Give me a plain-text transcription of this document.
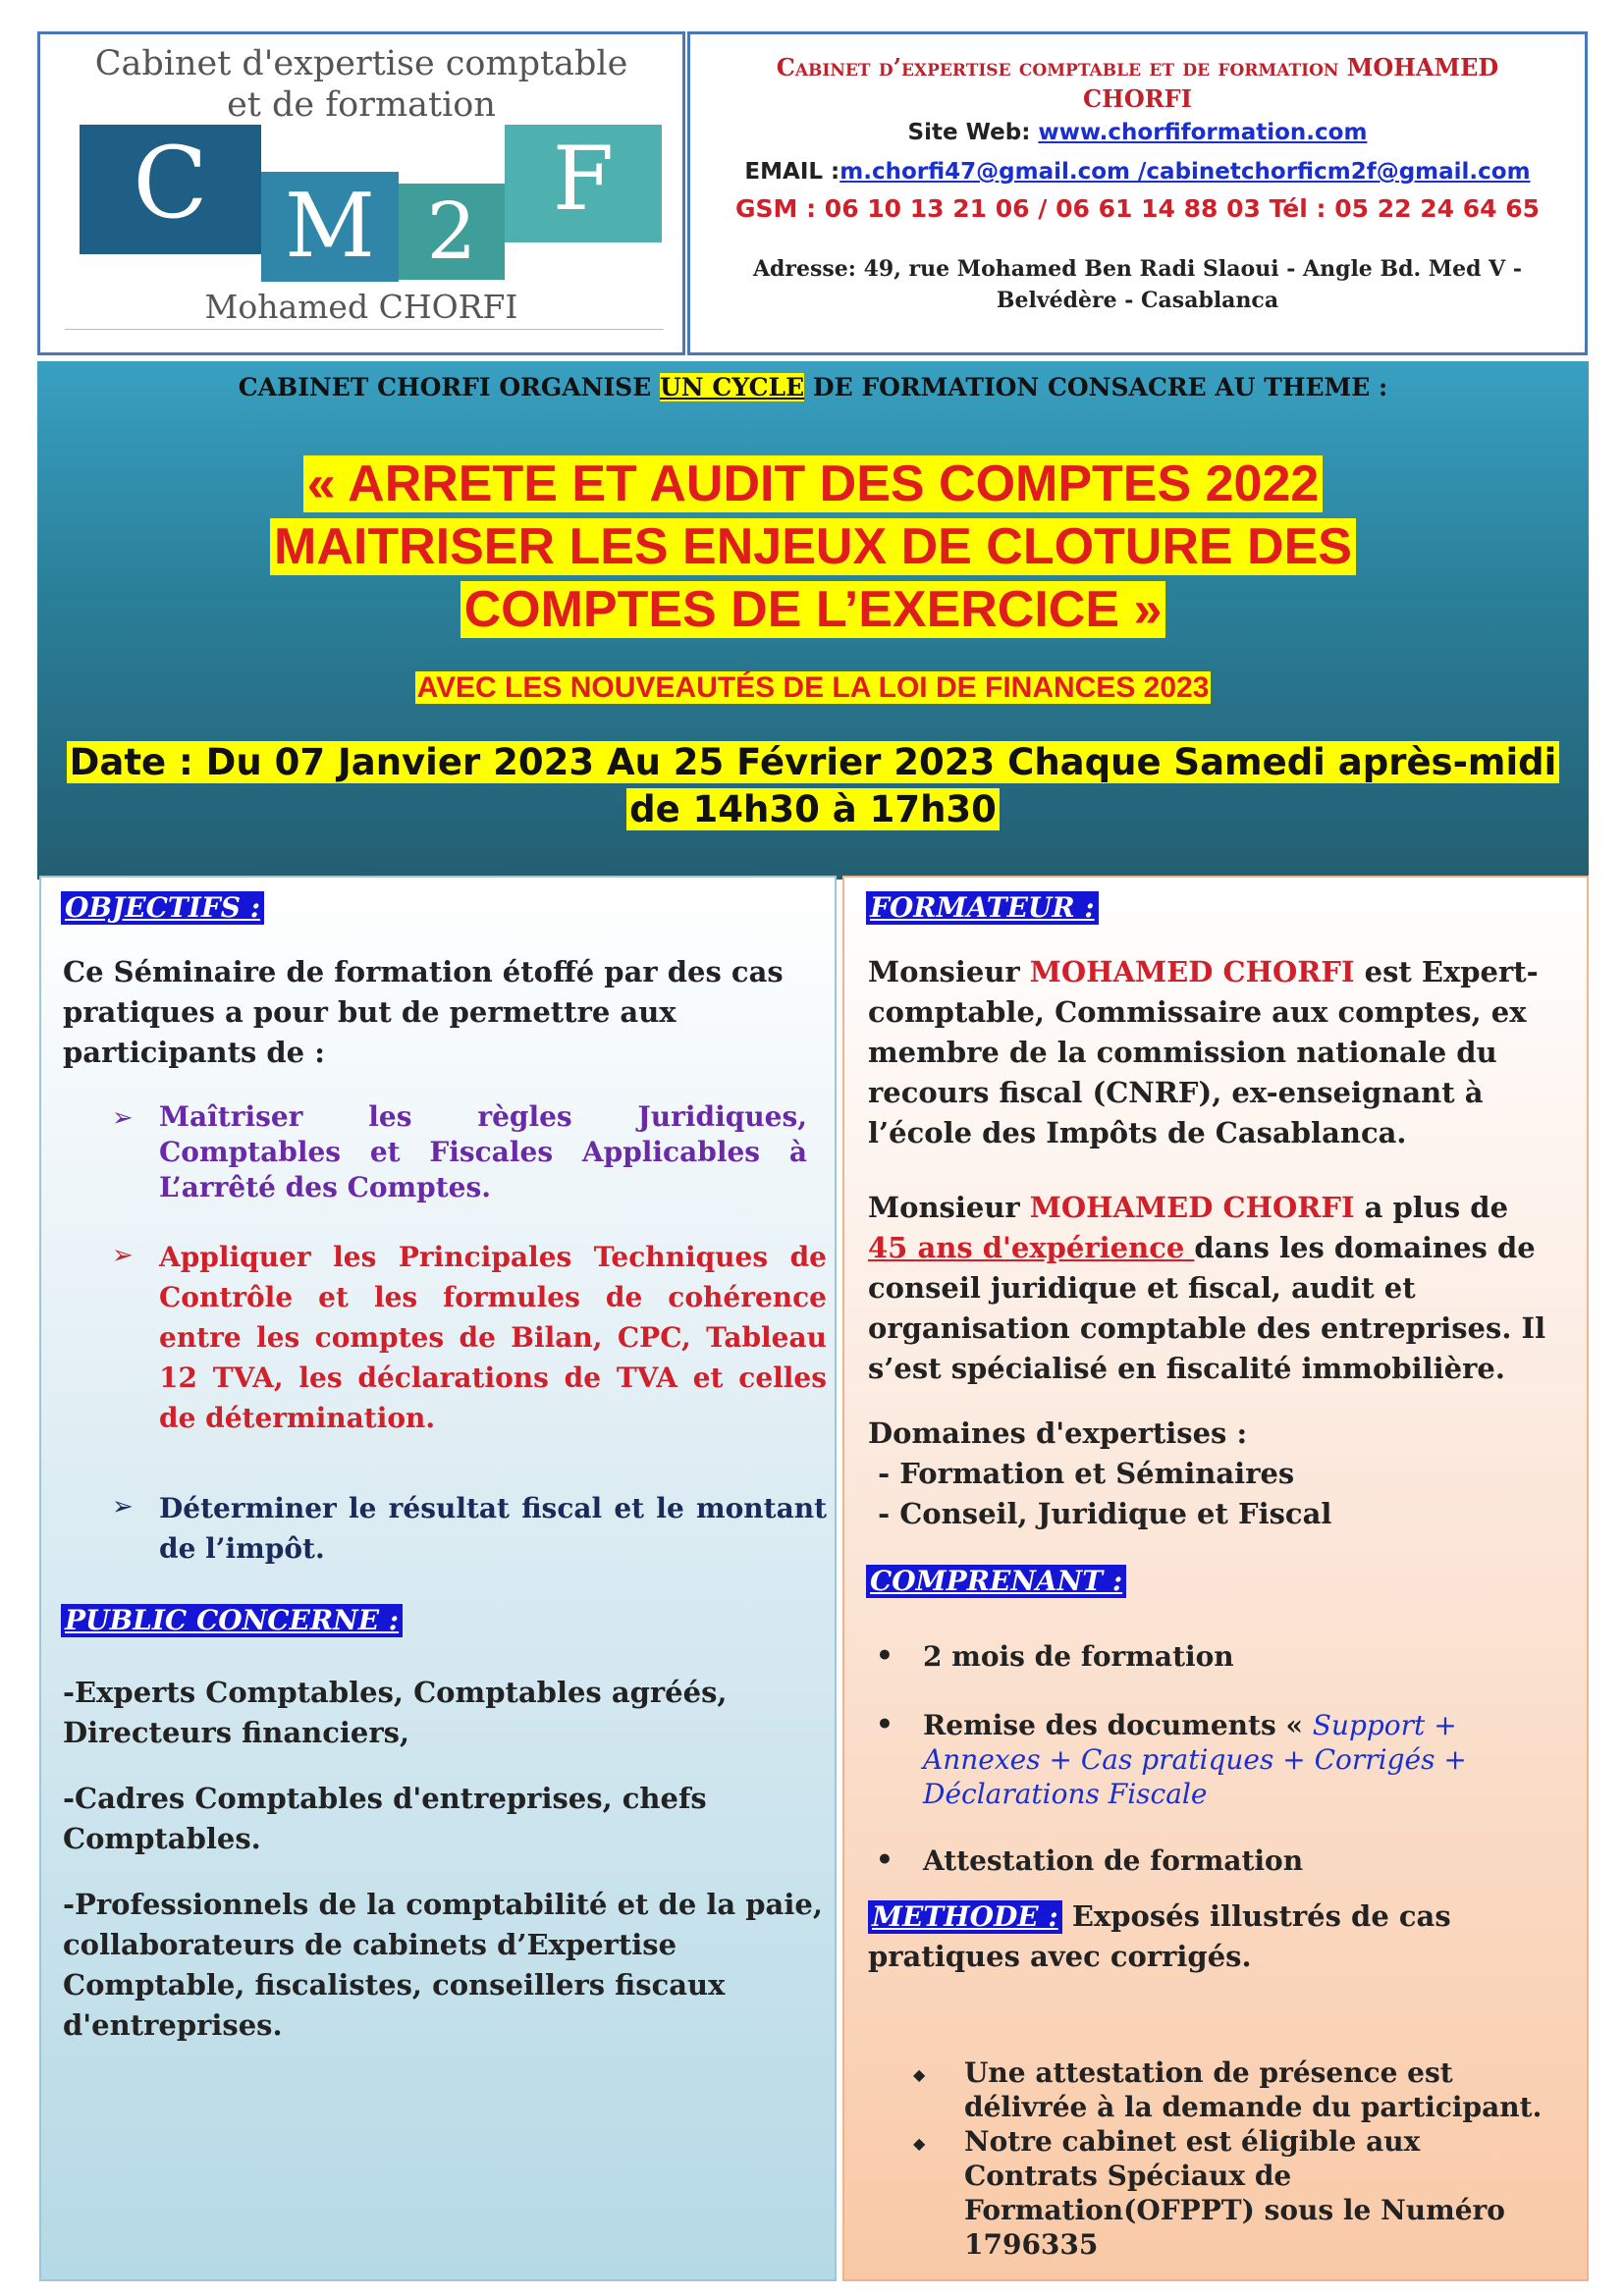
Cabinet d'expertise comptable
et de formation
C M 2
F
Mohamed CHORFI
Cabinet d’expertise comptable et de formation MOHAMED
CHORFI
Site Web: www.chorfiformation.com
EMAIL :m.chorfi47@gmail.com /cabinetchorficm2f@gmail.com
GSM : 06 10 13 21 06 / 06 61 14 88 03 Tél : 05 22 24 64 65
Adresse: 49, rue Mohamed Ben Radi Slaoui - Angle Bd. Med V -
Belvédère - Casablanca
CABINET CHORFI ORGANISE UN CYCLE DE FORMATION CONSACRE AU THEME :
« ARRETE ET AUDIT DES COMPTES 2022
MAITRISER LES ENJEUX DE CLOTURE DES
COMPTES DE L’EXERCICE »
AVEC LES NOUVEAUTÉS DE LA LOI DE FINANCES 2023
Date : Du 07 Janvier 2023 Au 25 Février 2023 Chaque Samedi après-midi
de 14h30 à 17h30
OBJECTIFS :
Ce Séminaire de formation étoffé par des cas
pratiques a pour but de permettre aux
participants de :
➢ Maîtriser les règles Juridiques, Comptables et Fiscales Applicables à L’arrêté des Comptes.
➢ Appliquer les Principales Techniques de Contrôle et les formules de cohérence entre les comptes de Bilan, CPC, Tableau 12 TVA, les déclarations de TVA et celles de détermination.
➢ Déterminer le résultat fiscal et le montant de l’impôt.
PUBLIC CONCERNE :
-Experts Comptables, Comptables agréés,
Directeurs financiers,
-Cadres Comptables d'entreprises, chefs
Comptables.
-Professionnels de la comptabilité et de la paie,
collaborateurs de cabinets d’Expertise
Comptable, fiscalistes, conseillers fiscaux
d'entreprises.
FORMATEUR :
Monsieur MOHAMED CHORFI est Expert-comptable, Commissaire aux comptes, ex membre de la commission nationale du recours fiscal (CNRF), ex-enseignant à l’école des Impôts de Casablanca.
Monsieur MOHAMED CHORFI a plus de 45 ans d'expérience dans les domaines de conseil juridique et fiscal, audit et organisation comptable des entreprises. Il s’est spécialisé en fiscalité immobilière.
Domaines d'expertises :
- Formation et Séminaires
- Conseil, Juridique et Fiscal
COMPRENANT :
• 2 mois de formation
• Remise des documents « Support + Annexes + Cas pratiques + Corrigés + Déclarations Fiscale
• Attestation de formation
METHODE : Exposés illustrés de cas pratiques avec corrigés.
◆ Une attestation de présence est délivrée à la demande du participant.
◆ Notre cabinet est éligible aux Contrats Spéciaux de Formation(OFPPT) sous le Numéro 1796335
